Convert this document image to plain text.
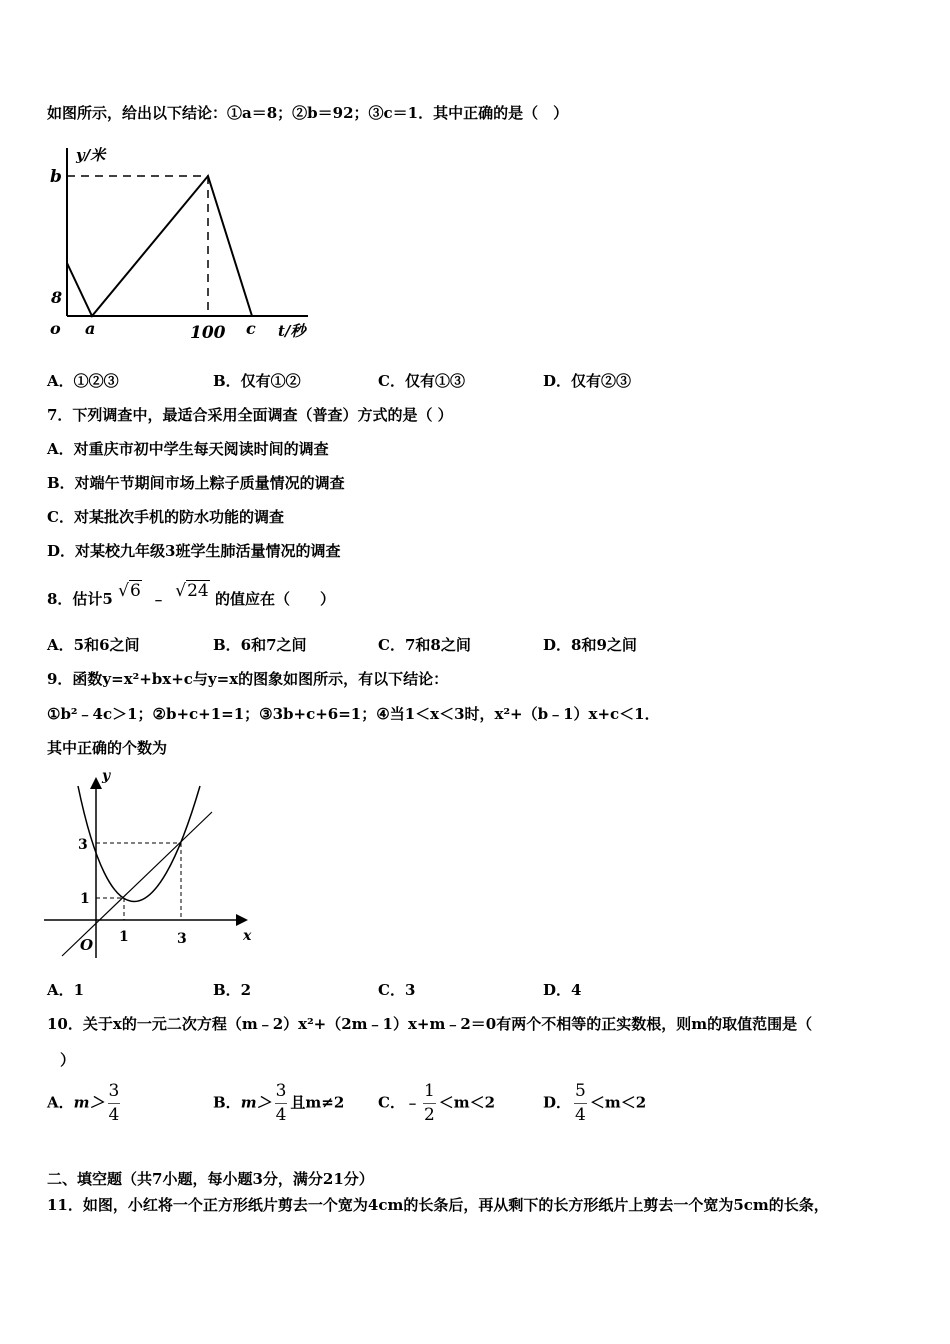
如图所示，给出以下结论：①a＝8；②b＝92；③c＝1．其中正确的是（　）
y/米
b
8
o a	100 c t/秒
A．①②③	B．仅有①②	C．仅有①③	D．仅有②③
7．下列调查中，最适合采用全面调查（普查）方式的是（ ）
A．对重庆市初中学生每天阅读时间的调查
B．对端午节期间市场上粽子质量情况的调查
C．对某批次手机的防水功能的调查
D．对某校九年级3班学生肺活量情况的调查
8．估计5 √6 ﹣ √24 的值应在（　　）
A．5和6之间	B．6和7之间	C．7和8之间	D．8和9之间
9．函数y=x²+bx+c与y=x的图象如图所示，有以下结论：
①b²﹣4c＞1；②b+c+1=1；③3b+c+6=1；④当1＜x＜3时，x²+（b﹣1）x+c＜1．
其中正确的个数为
y
x
O
3
1
1	3
A．1	B．2	C．3	D．4
10．关于x的一元二次方程（m﹣2）x²+（2m﹣1）x+m﹣2＝0有两个不相等的正实数根，则m的取值范围是（
）
A．$m> \frac{3}{4}$	B．$m> \frac{3}{4}$ 且m≠2 C．﹣ $\frac{1}{2} <m<2$	D． $\frac{5}{4} <m<2$
二、填空题（共7小题，每小题3分，满分21分）
11．如图，小红将一个正方形纸片剪去一个宽为4cm的长条后，再从剩下的长方形纸片上剪去一个宽为5cm的长条，
